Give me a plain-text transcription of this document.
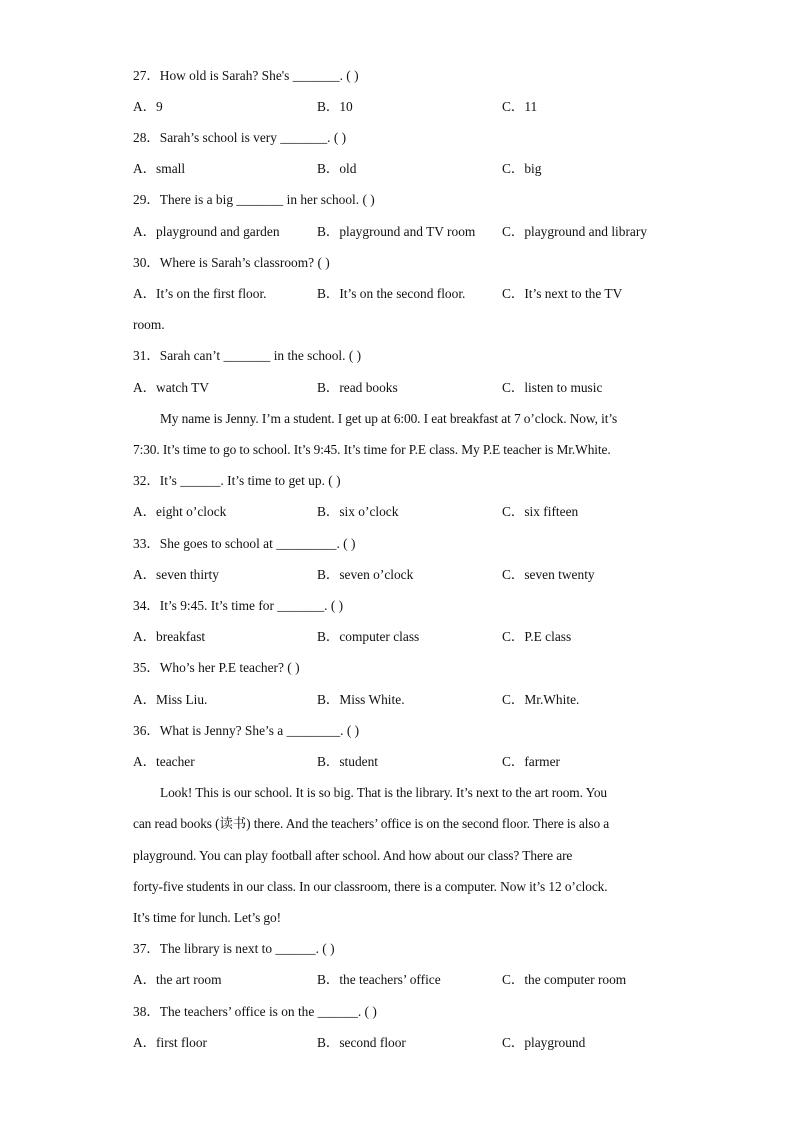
27．How old is Sarah? She's _______. ( )
A．9	B．10	C．11
28．Sarah’s school is very _______. ( )
A．small	B．old	C．big
29．There is a big _______ in her school. ( )
A．playground and garden	B．playground and TV room C．playground and library
30．Where is Sarah’s classroom? ( )
A．It’s on the first floor.	B．It’s on the second floor.	C．It’s next to the TV
room.
31．Sarah can’t _______ in the school. ( )
A．watch TV	B．read books	C．listen to music
My name is Jenny. I’m a student. I get up at 6:00. I eat breakfast at 7 o’clock. Now, it’s
7:30. It’s time to go to school. It’s 9:45. It’s time for P.E class. My P.E teacher is Mr.White.
32．It’s ______. It’s time to get up. ( )
A．eight o’clock	B．six o’clock	C．six fifteen
33．She goes to school at _________. ( )
A．seven thirty	B．seven o’clock	C．seven twenty
34．It’s 9:45. It’s time for _______. ( )
A．breakfast	B．computer class	C．P.E class
35．Who’s her P.E teacher? ( )
A．Miss Liu.	B．Miss White.	C．Mr.White.
36．What is Jenny? She’s a ________. ( )
A．teacher	B．student	C．farmer
Look! This is our school. It is so big. That is the library. It’s next to the art room. You
can read books (读书) there. And the teachers’ office is on the second floor. There is also a
playground. You can play football after school. And how about our class? There are
forty-five students in our class. In our classroom, there is a computer. Now it’s 12 o’clock.
It’s time for lunch. Let’s go!
37．The library is next to ______. ( )
A．the art room	B．the teachers’ office	C．the computer room
38．The teachers’ office is on the ______. ( )
A．first floor	B．second floor	C．playground
